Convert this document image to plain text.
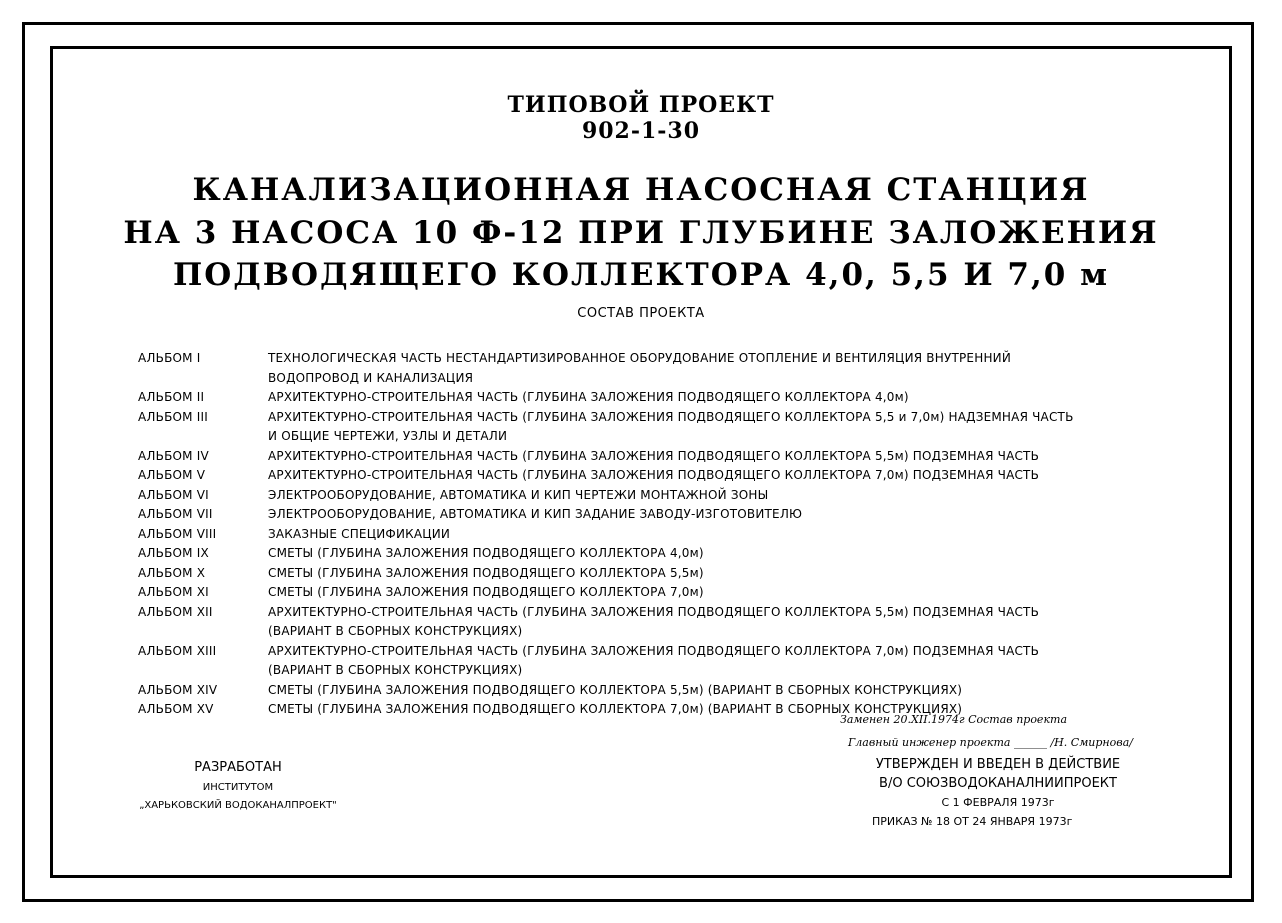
ТИПОВОЙ ПРОЕКТ
902-1-30
КАНАЛИЗАЦИОННАЯ НАСОСНАЯ СТАНЦИЯ
НА 3 НАСОСА 10 Ф-12 ПРИ ГЛУБИНЕ ЗАЛОЖЕНИЯ
ПОДВОДЯЩЕГО КОЛЛЕКТОРА 4,0, 5,5 И 7,0 м
СОСТАВ ПРОЕКТА
АЛЬБОМ I	ТЕХНОЛОГИЧЕСКАЯ ЧАСТЬ НЕСТАНДАРТИЗИРОВАННОЕ ОБОРУДОВАНИЕ ОТОПЛЕНИЕ И ВЕНТИЛЯЦИЯ ВНУТРЕННИЙ
ВОДОПРОВОД И КАНАЛИЗАЦИЯ
АЛЬБОМ II	АРХИТЕКТУРНО-СТРОИТЕЛЬНАЯ ЧАСТЬ (ГЛУБИНА ЗАЛОЖЕНИЯ ПОДВОДЯЩЕГО КОЛЛЕКТОРА 4,0м)
АЛЬБОМ III	АРХИТЕКТУРНО-СТРОИТЕЛЬНАЯ ЧАСТЬ (ГЛУБИНА ЗАЛОЖЕНИЯ ПОДВОДЯЩЕГО КОЛЛЕКТОРА 5,5 и 7,0м) НАДЗЕМНАЯ ЧАСТЬ
И ОБЩИЕ ЧЕРТЕЖИ, УЗЛЫ И ДЕТАЛИ
АЛЬБОМ IV	АРХИТЕКТУРНО-СТРОИТЕЛЬНАЯ ЧАСТЬ (ГЛУБИНА ЗАЛОЖЕНИЯ ПОДВОДЯЩЕГО КОЛЛЕКТОРА 5,5м) ПОДЗЕМНАЯ ЧАСТЬ
АЛЬБОМ V	АРХИТЕКТУРНО-СТРОИТЕЛЬНАЯ ЧАСТЬ (ГЛУБИНА ЗАЛОЖЕНИЯ ПОДВОДЯЩЕГО КОЛЛЕКТОРА 7,0м) ПОДЗЕМНАЯ ЧАСТЬ
АЛЬБОМ VI	ЭЛЕКТРООБОРУДОВАНИЕ, АВТОМАТИКА И КИП ЧЕРТЕЖИ МОНТАЖНОЙ ЗОНЫ
АЛЬБОМ VII	ЭЛЕКТРООБОРУДОВАНИЕ, АВТОМАТИКА И КИП ЗАДАНИЕ ЗАВОДУ-ИЗГОТОВИТЕЛЮ
АЛЬБОМ VIII	ЗАКАЗНЫЕ СПЕЦИФИКАЦИИ
АЛЬБОМ IX	СМЕТЫ (ГЛУБИНА ЗАЛОЖЕНИЯ ПОДВОДЯЩЕГО КОЛЛЕКТОРА 4,0м)
АЛЬБОМ X	СМЕТЫ (ГЛУБИНА ЗАЛОЖЕНИЯ ПОДВОДЯЩЕГО КОЛЛЕКТОРА 5,5м)
АЛЬБОМ XI	СМЕТЫ (ГЛУБИНА ЗАЛОЖЕНИЯ ПОДВОДЯЩЕГО КОЛЛЕКТОРА 7,0м)
АЛЬБОМ XII	АРХИТЕКТУРНО-СТРОИТЕЛЬНАЯ ЧАСТЬ (ГЛУБИНА ЗАЛОЖЕНИЯ ПОДВОДЯЩЕГО КОЛЛЕКТОРА 5,5м) ПОДЗЕМНАЯ ЧАСТЬ
(ВАРИАНТ В СБОРНЫХ КОНСТРУКЦИЯХ)
АЛЬБОМ XIII	АРХИТЕКТУРНО-СТРОИТЕЛЬНАЯ ЧАСТЬ (ГЛУБИНА ЗАЛОЖЕНИЯ ПОДВОДЯЩЕГО КОЛЛЕКТОРА 7,0м) ПОДЗЕМНАЯ ЧАСТЬ
(ВАРИАНТ В СБОРНЫХ КОНСТРУКЦИЯХ)
АЛЬБОМ XIV	СМЕТЫ (ГЛУБИНА ЗАЛОЖЕНИЯ ПОДВОДЯЩЕГО КОЛЛЕКТОРА 5,5м) (ВАРИАНТ В СБОРНЫХ КОНСТРУКЦИЯХ)
АЛЬБОМ XV	СМЕТЫ (ГЛУБИНА ЗАЛОЖЕНИЯ ПОДВОДЯЩЕГО КОЛЛЕКТОРА 7,0м) (ВАРИАНТ В СБОРНЫХ КОНСТРУКЦИЯХ)
Заменен 20.XII.1974г Состав проекта
Главный инженер проекта ______ /Н. Смирнова/
УТВЕРЖДЕН И ВВЕДЕН В ДЕЙСТВИЕ
В/О СОЮЗВОДОКАНАЛНИИПРОЕКТ
С 1 ФЕВРАЛЯ 1973г
ПРИКАЗ № 18 ОТ 24 ЯНВАРЯ 1973г
РАЗРАБОТАН
ИНСТИТУТОМ
„ХАРЬКОВСКИЙ ВОДОКАНАЛПРОЕКТ"
